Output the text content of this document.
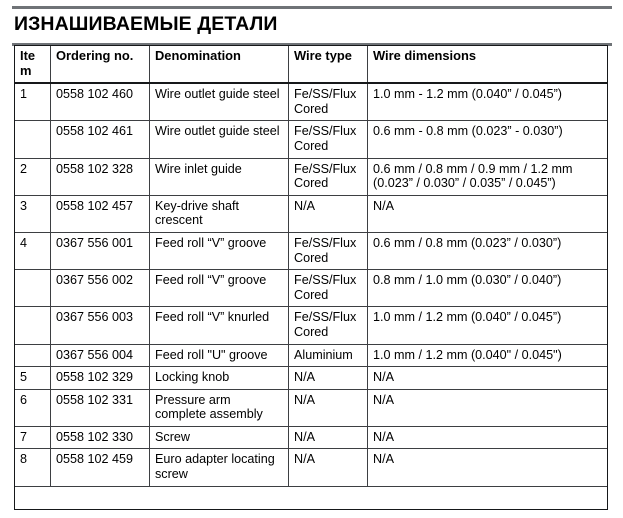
ИЗНАШИВАЕМЫЕ ДЕТАЛИ
Item	Ordering no.	Denomination	Wire type	Wire dimensions
1	0558 102 460	Wire outlet guide steel	Fe/SS/Flux Cored	1.0 mm - 1.2 mm (0.040” / 0.045”)
	0558 102 461	Wire outlet guide steel	Fe/SS/Flux Cored	0.6 mm - 0.8 mm (0.023” - 0.030”)
2	0558 102 328	Wire inlet guide	Fe/SS/Flux Cored	0.6 mm / 0.8 mm / 0.9 mm / 1.2 mm (0.023” / 0.030” / 0.035” / 0.045”)
3	0558 102 457	Key-drive shaft crescent	N/A	N/A
4	0367 556 001	Feed roll “V” groove	Fe/SS/Flux Cored	0.6 mm / 0.8 mm (0.023” / 0.030”)
	0367 556 002	Feed roll “V” groove	Fe/SS/Flux Cored	0.8 mm / 1.0 mm (0.030” / 0.040”)
	0367 556 003	Feed roll “V” knurled	Fe/SS/Flux Cored	1.0 mm / 1.2 mm (0.040” / 0.045”)
	0367 556 004	Feed roll "U" groove	Aluminium	1.0 mm / 1.2 mm (0.040" / 0.045")
5	0558 102 329	Locking knob	N/A	N/A
6	0558 102 331	Pressure arm complete assembly	N/A	N/A
7	0558 102 330	Screw	N/A	N/A
8	0558 102 459	Euro adapter locating screw	N/A	N/A
